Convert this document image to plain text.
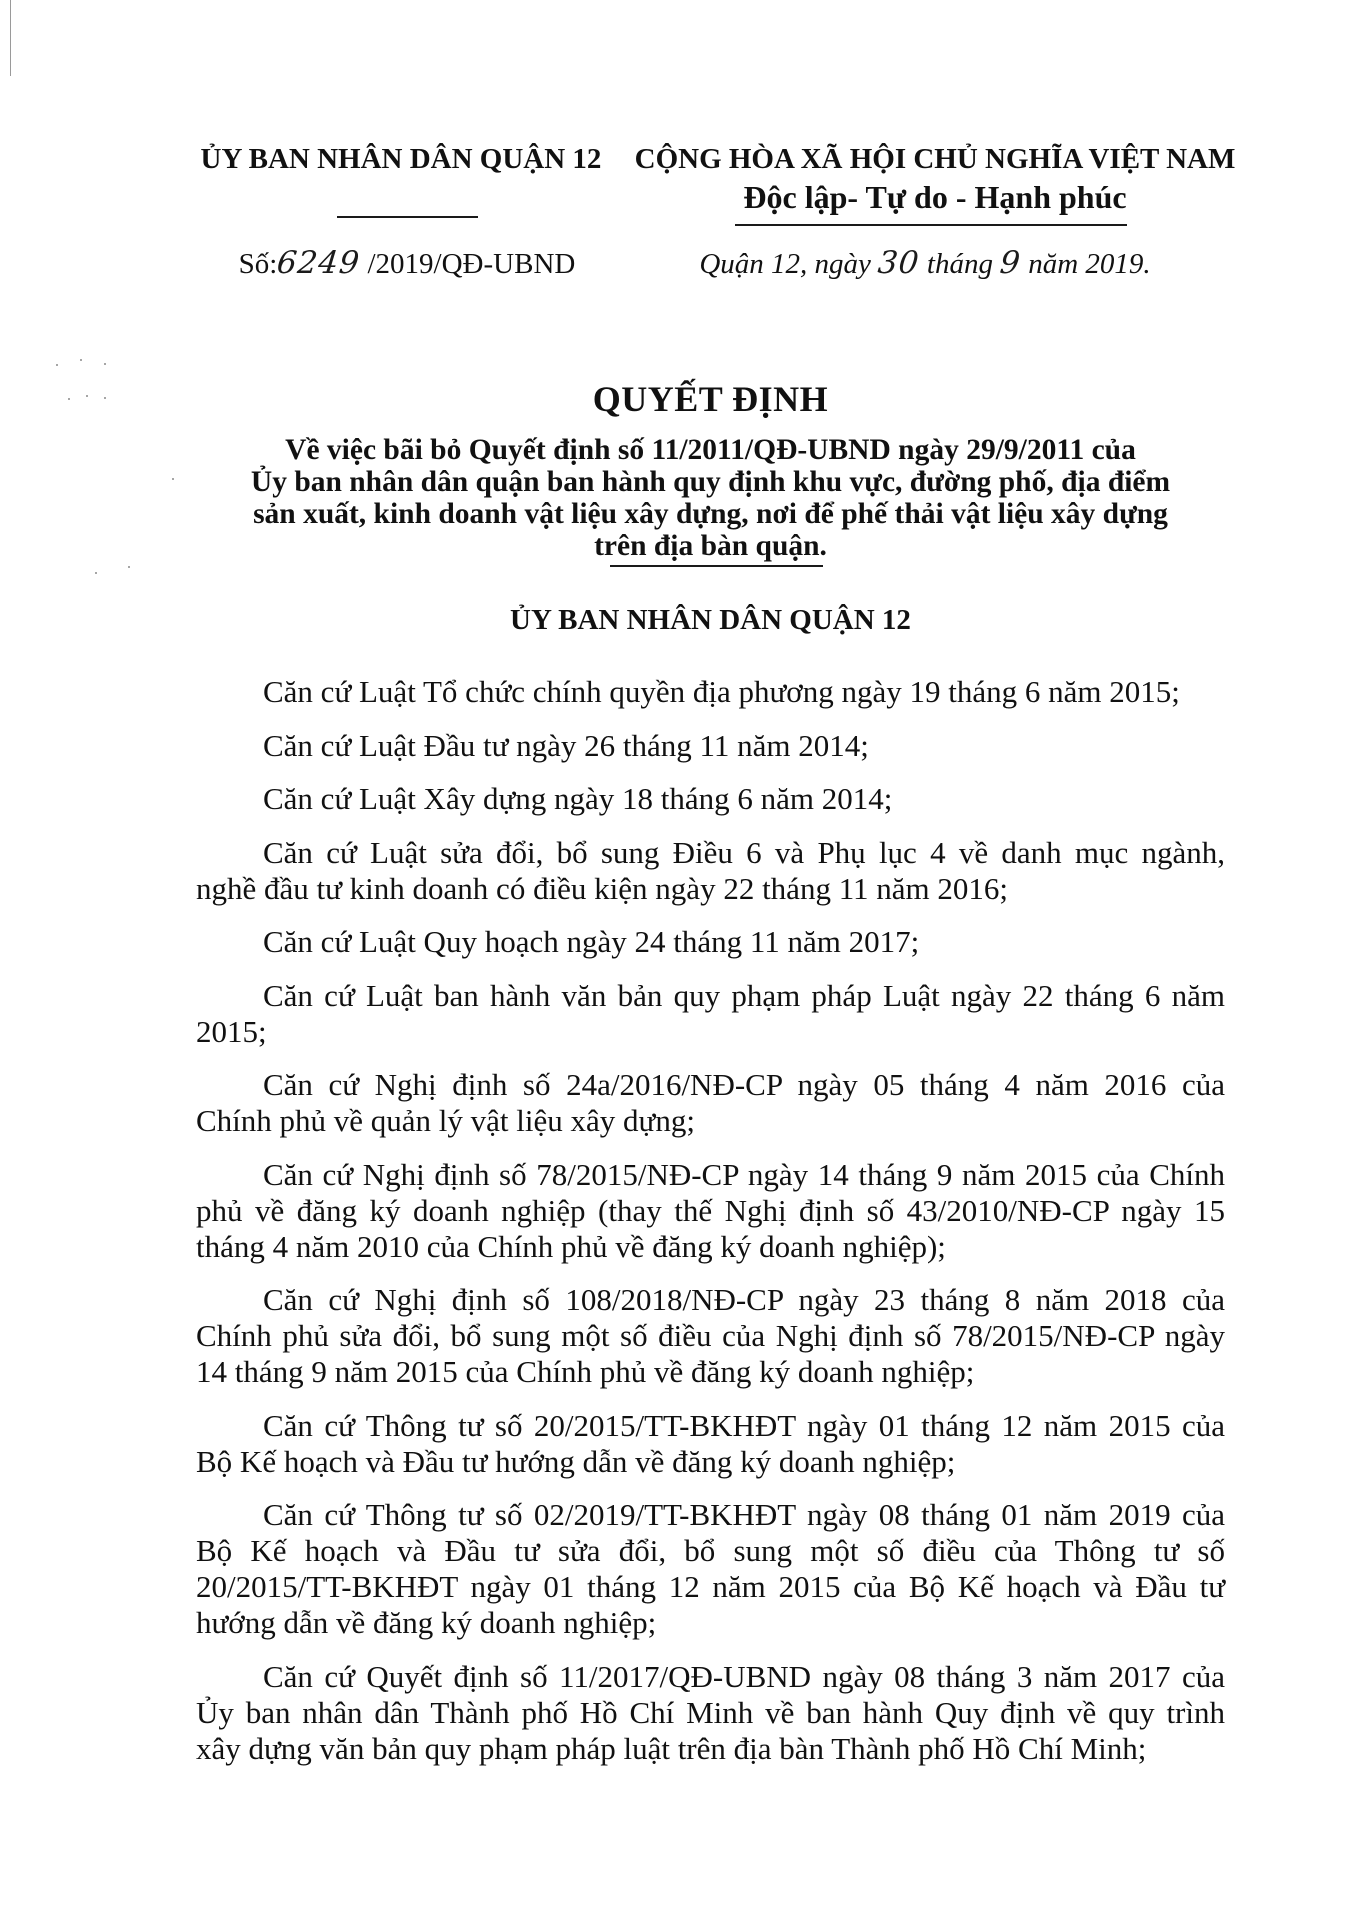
ỦY BAN NHÂN DÂN QUẬN 12	CỘNG HÒA XÃ HỘI CHỦ NGHĨA VIỆT NAM
Độc lập- Tự do - Hạnh phúc
Số:6249 /2019/QĐ-UBND	Quận 12, ngày 30 tháng 9 năm 2019.
QUYẾT ĐỊNH
Về việc bãi bỏ Quyết định số 11/2011/QĐ-UBND ngày 29/9/2011 của
Ủy ban nhân dân quận ban hành quy định khu vực, đường phố, địa điểm
sản xuất, kinh doanh vật liệu xây dựng, nơi để phế thải vật liệu xây dựng
trên địa bàn quận.
ỦY BAN NHÂN DÂN QUẬN 12
Căn cứ Luật Tổ chức chính quyền địa phương ngày 19 tháng 6 năm 2015;
Căn cứ Luật Đầu tư ngày 26 tháng 11 năm 2014;
Căn cứ Luật Xây dựng ngày 18 tháng 6 năm 2014;
Căn cứ Luật sửa đổi, bổ sung Điều 6 và Phụ lục 4 về danh mục ngành,
nghề đầu tư kinh doanh có điều kiện ngày 22 tháng 11 năm 2016;
Căn cứ Luật Quy hoạch ngày 24 tháng 11 năm 2017;
Căn cứ Luật ban hành văn bản quy phạm pháp Luật ngày 22 tháng 6 năm
2015;
Căn cứ Nghị định số 24a/2016/NĐ-CP ngày 05 tháng 4 năm 2016 của
Chính phủ về quản lý vật liệu xây dựng;
Căn cứ Nghị định số 78/2015/NĐ-CP ngày 14 tháng 9 năm 2015 của Chính
phủ về đăng ký doanh nghiệp (thay thế Nghị định số 43/2010/NĐ-CP ngày 15
tháng 4 năm 2010 của Chính phủ về đăng ký doanh nghiệp);
Căn cứ Nghị định số 108/2018/NĐ-CP ngày 23 tháng 8 năm 2018 của
Chính phủ sửa đổi, bổ sung một số điều của Nghị định số 78/2015/NĐ-CP ngày
14 tháng 9 năm 2015 của Chính phủ về đăng ký doanh nghiệp;
Căn cứ Thông tư số 20/2015/TT-BKHĐT ngày 01 tháng 12 năm 2015 của
Bộ Kế hoạch và Đầu tư hướng dẫn về đăng ký doanh nghiệp;
Căn cứ Thông tư số 02/2019/TT-BKHĐT ngày 08 tháng 01 năm 2019 của
Bộ Kế hoạch và Đầu tư sửa đổi, bổ sung một số điều của Thông tư số
20/2015/TT-BKHĐT ngày 01 tháng 12 năm 2015 của Bộ Kế hoạch và Đầu tư
hướng dẫn về đăng ký doanh nghiệp;
Căn cứ Quyết định số 11/2017/QĐ-UBND ngày 08 tháng 3 năm 2017 của
Ủy ban nhân dân Thành phố Hồ Chí Minh về ban hành Quy định về quy trình
xây dựng văn bản quy phạm pháp luật trên địa bàn Thành phố Hồ Chí Minh;
